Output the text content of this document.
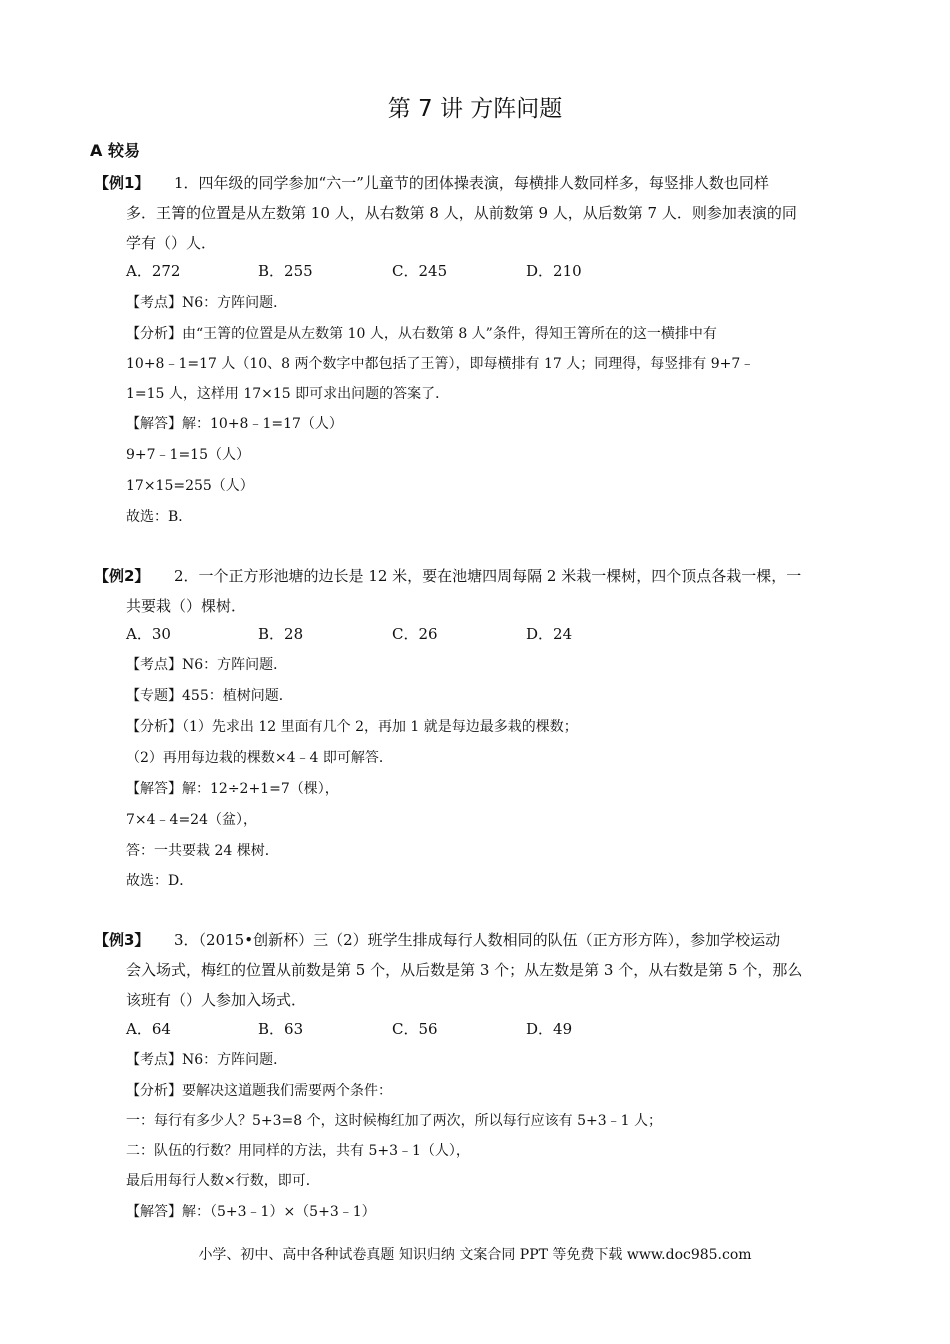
第 7 讲 方阵问题
A 较易
【例1】 1．四年级的同学参加“六一”儿童节的团体操表演，每横排人数同样多，每竖排人数也同样
多．王箐的位置是从左数第 10 人，从右数第 8 人，从前数第 9 人，从后数第 7 人．则参加表演的同
学有（）人．
A．272	B．255	C．245	D．210
【考点】N6：方阵问题．
【分析】由“王箐的位置是从左数第 10 人，从右数第 8 人”条件，得知王箐所在的这一横排中有
10+8﹣1=17 人（10、8 两个数字中都包括了王箐），即每横排有 17 人；同理得，每竖排有 9+7﹣
1=15 人，这样用 17×15 即可求出问题的答案了．
【解答】解：10+8﹣1=17（人）
9+7﹣1=15（人）
17×15=255（人）
故选：B．
【例2】 2．一个正方形池塘的边长是 12 米，要在池塘四周每隔 2 米栽一棵树，四个顶点各栽一棵，一
共要栽（）棵树．
A．30	B．28	C．26	D．24
【考点】N6：方阵问题．
【专题】455：植树问题．
【分析】（1）先求出 12 里面有几个 2，再加 1 就是每边最多栽的棵数；
（2）再用每边栽的棵数×4﹣4 即可解答．
【解答】解：12÷2+1=7（棵），
7×4﹣4=24（盆），
答：一共要栽 24 棵树．
故选：D．
【例3】 3．（2015•创新杯）三（2）班学生排成每行人数相同的队伍（正方形方阵），参加学校运动
会入场式，梅红的位置从前数是第 5 个，从后数是第 3 个；从左数是第 3 个，从右数是第 5 个，那么
该班有（）人参加入场式．
A．64	B．63	C．56	D．49
【考点】N6：方阵问题．
【分析】要解决这道题我们需要两个条件：
一：每行有多少人？5+3=8 个，这时候梅红加了两次，所以每行应该有 5+3﹣1 人；
二：队伍的行数？用同样的方法，共有 5+3﹣1（人），
最后用每行人数×行数，即可．
【解答】解：（5+3﹣1）×（5+3﹣1）
小学、初中、高中各种试卷真题 知识归纳 文案合同 PPT 等免费下载 www.doc985.com
